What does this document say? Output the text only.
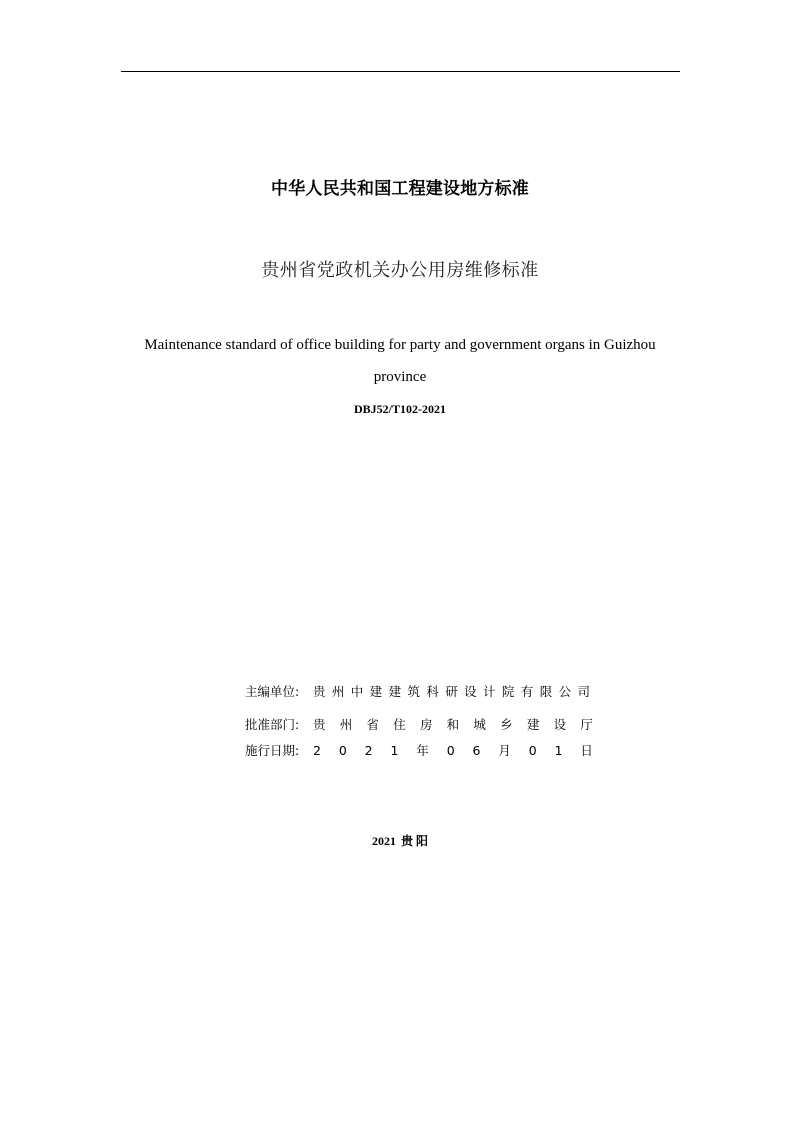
中华人民共和国工程建设地方标准
贵州省党政机关办公用房维修标准
Maintenance standard of office building for party and government organs in Guizhou
province
DBJ52/T102-2021
主编单位:	贵 州 中 建 建 筑 科 研 设 计 院 有 限 公 司
批准部门:	贵 州 省 住 房 和 城 乡 建 设 厅
施行日期:	2 0 2 1 年 0 6 月 0 1 日
2021 贵 阳
